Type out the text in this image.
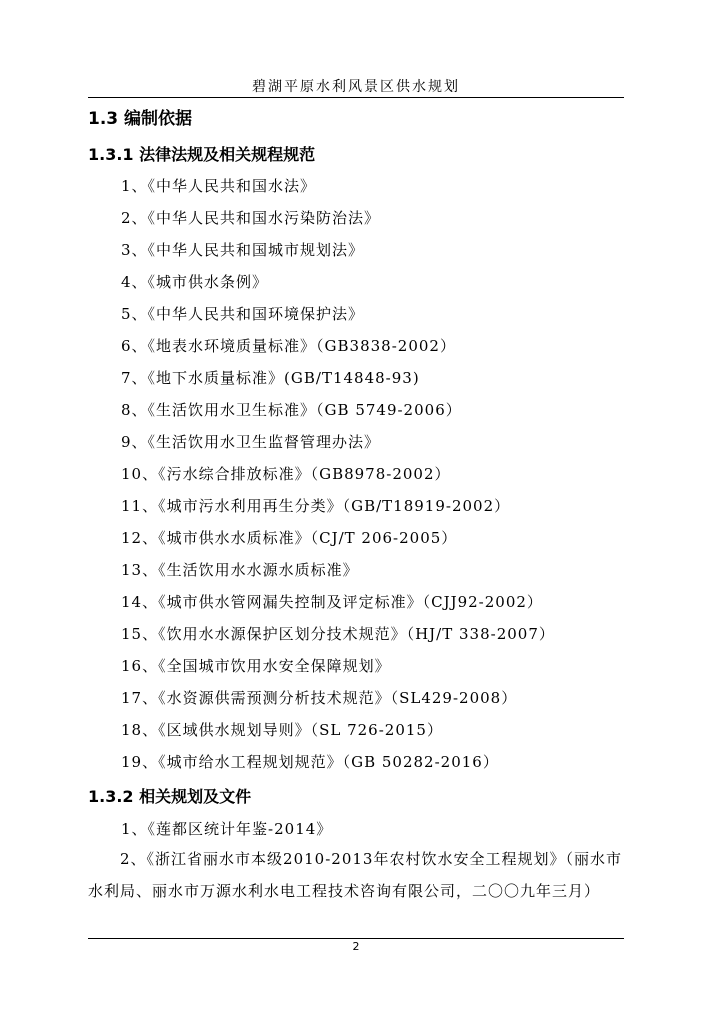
碧湖平原水利风景区供水规划
1.3 编制依据
1.3.1 法律法规及相关规程规范
1、《中华人民共和国水法》
2、《中华人民共和国水污染防治法》
3、《中华人民共和国城市规划法》
4、《城市供水条例》
5、《中华人民共和国环境保护法》
6、《地表水环境质量标准》（GB3838-2002）
7、《地下水质量标准》(GB/T14848-93)
8、《生活饮用水卫生标准》（GB 5749-2006）
9、《生活饮用水卫生监督管理办法》
10、《污水综合排放标准》（GB8978-2002）
11、《城市污水利用再生分类》（GB/T18919-2002）
12、《城市供水水质标准》（CJ/T 206-2005）
13、《生活饮用水水源水质标准》
14、《城市供水管网漏失控制及评定标准》（CJJ92-2002）
15、《饮用水水源保护区划分技术规范》（HJ/T 338-2007）
16、《全国城市饮用水安全保障规划》
17、《水资源供需预测分析技术规范》（SL429-2008）
18、《区域供水规划导则》（SL 726-2015）
19、《城市给水工程规划规范》（GB 50282-2016）
1.3.2 相关规划及文件
1、《莲都区统计年鉴-2014》
2、《浙江省丽水市本级2010-2013年农村饮水安全工程规划》（丽水市水利局、丽水市万源水利水电工程技术咨询有限公司，二〇〇九年三月）
2
